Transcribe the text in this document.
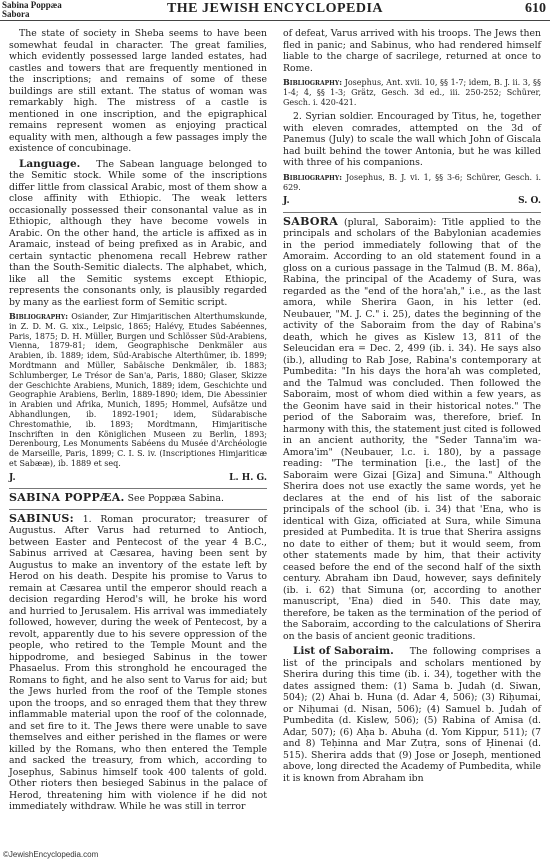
Sabina Poppæa
Sabora	THE JEWISH ENCYCLOPEDIA	610

The state of society in Sheba seems to have been somewhat feudal in character. The great families, which evidently possessed large landed estates, had castles and towers that are frequently mentioned in the inscriptions; and remains of some of these buildings are still extant. The status of woman was remarkably high. The mistress of a castle is mentioned in one inscription, and the epigraphical remains represent women as enjoying practical equality with men, although a few passages imply the existence of concubinage.

Language. The Sabean language belonged to the Semitic stock. While some of the inscriptions differ little from classical Arabic, most of them show a close affinity with Ethiopic. The weak letters occasionally possessed their consonantal value as in Ethiopic, although they have become vowels in Arabic. On the other hand, the article is affixed as in Aramaic, instead of being prefixed as in Arabic, and certain syntactic phenomena recall Hebrew rather than the South-Semitic dialects. The alphabet, which, like all the Semitic systems except Ethiopic, represents the consonants only, is plausibly regarded by many as the earliest form of Semitic script.

Bibliography: Osiander, Zur Himjaritischen Alterthumskunde, in Z. D. M. G. xix., Leipsic, 1865; Halévy, Etudes Sabéennes, Paris, 1875; D. H. Müller, Burgen und Schlösser Süd-Arabiens, Vienna, 1879-81; idem, Geographische Denkmäler aus Arabien, ib. 1889; idem, Süd-Arabische Alterthümer, ib. 1899; Mordtmann and Müller, Sabäische Denkmäler, ib. 1883; Schlumberger, Le Trésor de San'a, Paris, 1880; Glaser, Skizze der Geschichte Arabiens, Munich, 1889; idem, Geschichte und Geographie Arabiens, Berlin, 1889-1890; idem, Die Abessinier in Arabien und Afrika, Munich, 1895; Hommel, Aufsätze und Abhandlungen, ib. 1892-1901; idem, Südarabische Chrestomathie, ib. 1893; Mordtmann, Himjaritische Inschriften in den Königlichen Museen zu Berlin, 1893; Derenbourg, Les Monuments Sabéens du Musée d'Archéologie de Marseille, Paris, 1899; C. I. S. iv. (Inscriptiones Himjariticæ et Sabææ), ib. 1889 et seq.

J.	L. H. G.

SABINA POPPÆA. See Poppæa Sabina.

SABINUS: 1. Roman procurator; treasurer of Augustus. After Varus had returned to Antioch, between Easter and Pentecost of the year 4 B.C., Sabinus arrived at Cæsarea, having been sent by Augustus to make an inventory of the estate left by Herod on his death. Despite his promise to Varus to remain at Cæsarea until the emperor should reach a decision regarding Herod's will, he broke his word and hurried to Jerusalem. His arrival was immediately followed, however, during the week of Pentecost, by a revolt, apparently due to his severe oppression of the people, who retired to the Temple Mount and the hippodrome, and besieged Sabinus in the tower Phasaelus. From this stronghold he encouraged the Romans to fight, and he also sent to Varus for aid; but the Jews hurled from the roof of the Temple stones upon the troops, and so enraged them that they threw inflammable material upon the roof of the colonnade, and set fire to it. The Jews there were unable to save themselves and either perished in the flames or were killed by the Romans, who then entered the Temple and sacked the treasury, from which, according to Josephus, Sabinus himself took 400 talents of gold. Other rioters then besieged Sabinus in the palace of Herod, threatening him with violence if he did not immediately withdraw. While he was still in terror

of defeat, Varus arrived with his troops. The Jews then fled in panic; and Sabinus, who had rendered himself liable to the charge of sacrilege, returned at once to Rome.

Bibliography: Josephus, Ant. xvii. 10, §§ 1-7; idem, B. J. ii. 3, §§ 1-4; 4, §§ 1-3; Grätz, Gesch. 3d ed., iii. 250-252; Schürer, Gesch. i. 420-421.

2. Syrian soldier. Encouraged by Titus, he, together with eleven comrades, attempted on the 3d of Panemus (July) to scale the wall which John of Giscala had built behind the tower Antonia, but he was killed with three of his companions.

Bibliography: Josephus, B. J. vi. 1, §§ 3-6; Schürer, Gesch. i. 629.

J.	S. O.

SABORA (plural, Saboraim): Title applied to the principals and scholars of the Babylonian academies in the period immediately following that of the Amoraim. According to an old statement found in a gloss on a curious passage in the Talmud (B. M. 86a), Rabina, the principal of the Academy of Sura, was regarded as the "end of the hora'ah," i.e., as the last amora, while Sherira Gaon, in his letter (ed. Neubauer, "M. J. C." i. 25), dates the beginning of the activity of the Saboraim from the day of Rabina's death, which he gives as Kislew 13, 811 of the Seleucidan era = Dec. 2, 499 (ib. i. 34). He says also (ib.), alluding to Rab Jose, Rabina's contemporary at Pumbedita: "In his days the hora'ah was completed, and the Talmud was concluded. Then followed the Saboraim, most of whom died within a few years, as the Geonim have said in their historical notes." The period of the Saboraim was, therefore, brief. In harmony with this, the statement just cited is followed in an ancient authority, the "Seder Tanna'im wa-Amora'im" (Neubauer, l.c. i. 180), by a passage reading: "The termination [i.e., the last] of the Saboraim were Gizai [Giza] and Simuna." Although Sherira does not use exactly the same words, yet he declares at the end of his list of the saboraic principals of the school (ib. i. 34) that 'Ena, who is identical with Giza, officiated at Sura, while Simuna presided at Pumbedita. It is true that Sherira assigns no date to either of them; but it would seem, from other statements made by him, that their activity ceased before the end of the second half of the sixth century. Abraham ibn Daud, however, says definitely (ib. i. 62) that Simuna (or, according to another manuscript, 'Ena) died in 540. This date may, therefore, be taken as the termination of the period of the Saboraim, according to the calculations of Sherira on the basis of ancient geonic traditions.

List of Saboraim. The following comprises a list of the principals and scholars mentioned by Sherira during this time (ib. i. 34), together with the dates assigned them: (1) Sama b. Judah (d. Siwan, 504); (2) Ahai b. Huna (d. Adar 4, 506); (3) Riḥumai, or Niḥumai (d. Nisan, 506); (4) Samuel b. Judah of Pumbedita (d. Kislew, 506); (5) Rabina of Amisa (d. Adar, 507); (6) Aḥa b. Abuha (d. Yom Kippur, 511); (7 and 8) Teḥinna and Mar Zuṭra, sons of Ḥinenai (d. 515). Sherira adds that (9) Jose or Joseph, mentioned above, long directed the Academy of Pumbedita, while it is known from Abraham ibn

©JewishEncyclopedia.com
